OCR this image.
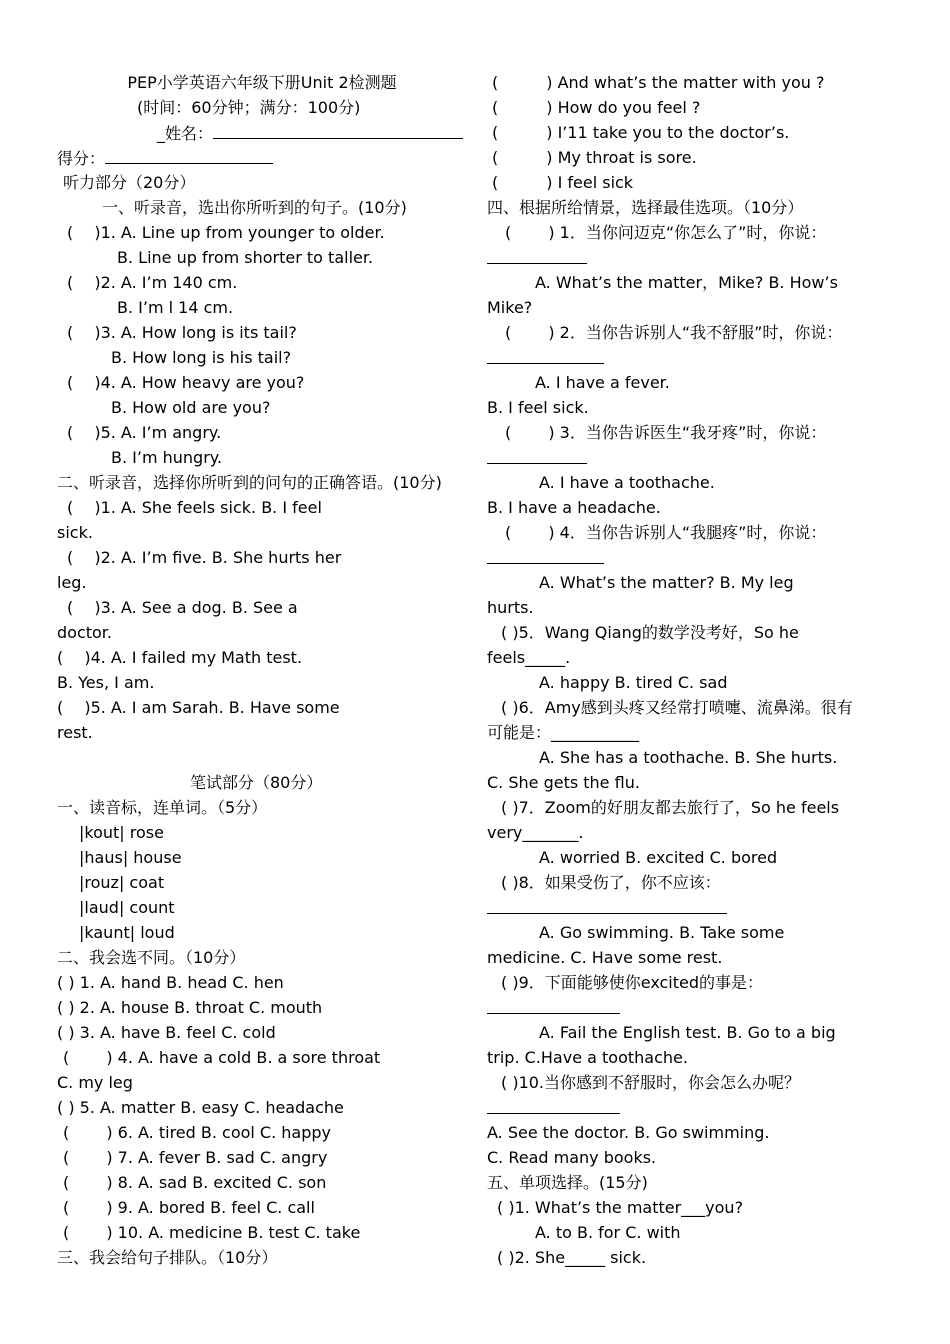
PEP小学英语六年级下册Unit 2检测题
(时间：60分钟；满分：100分)
_姓名：
得分：
听力部分（20分）
一、听录音，选出你所听到的句子。(10分)
(　 )1. A. Line up from younger to older.
B. Line up from shorter to taller.
(　 )2. A. I’m 140 cm.
B. I’m l 14 cm.
(　 )3. A. How long is its tail?
B. How long is his tail?
(　 )4. A. How heavy are you?
B. How old are you?
(　 )5. A. I’m angry.
B. I’m hungry.
二、听录音，选择你所听到的问句的正确答语。(10分)
(　 )1. A. She feels sick. B. I feel
sick.
(　 )2. A. I’m five. B. She hurts her
leg.
(　 )3. A. See a dog. B. See a
doctor.
(　 )4. A. I failed my Math test.
B. Yes, I am.
(　 )5. A. I am Sarah. B. Have some
rest.
笔试部分（80分）
一、读音标，连单词。（5分）
|kout| rose
|haus| house
|rouz| coat
|laud| count
|kaunt| loud
二、我会选不同。（10分）
( ) 1. A. hand B. head C. hen
( ) 2. A. house B. throat C. mouth
( ) 3. A. have B. feel C. cold
(　　 ) 4. A. have a cold B. a sore throat
C. my leg
( ) 5. A. matter B. easy C. headache
(　　 ) 6. A. tired B. cool C. happy
(　　 ) 7. A. fever B. sad C. angry
(　　 ) 8. A. sad B. excited C. son
(　　 ) 9. A. bored B. feel C. call
(　　 ) 10. A. medicine B. test C. take
三、我会给句子排队。（10分）
(　　　) And what’s the matter with you ?
(　　　) How do you feel ?
(　　　) I’11 take you to the doctor’s.
(　　　) My throat is sore.
(　　　) I feel sick
四、根据所给情景，选择最佳选项。（10分）
(　　 ) 1．当你问迈克“你怎么了”时，你说：
A. What’s the matter，Mike? B. How’s
Mike?
(　　 ) 2．当你告诉别人“我不舒服”时，你说：
A. I have a fever.
B. I feel sick.
(　　 ) 3．当你告诉医生“我牙疼”时，你说：
A. I have a toothache.
B. I have a headache.
(　　 ) 4．当你告诉别人“我腿疼”时，你说：
A. What’s the matter? B. My leg
hurts.
( )5．Wang Qiang的数学没考好，So he
feels_____.
A. happy B. tired C. sad
( )6．Amy感到头疼又经常打喷嚏、流鼻涕。很有
可能是：___________
A. She has a toothache. B. She hurts.
C. She gets the flu.
( )7．Zoom的好朋友都去旅行了，So he feels
very_______.
A. worried B. excited C. bored
( )8．如果受伤了，你不应该：
A. Go swimming. B. Take some
medicine. C. Have some rest.
( )9．下面能够使你excited的事是：
A. Fail the English test. B. Go to a big
trip. C.Have a toothache.
( )10.当你感到不舒服时，你会怎么办呢？
A. See the doctor. B. Go swimming.
C. Read many books.
五、单项选择。(15分)
( )1. What’s the matter___you?
A. to B. for C. with
( )2. She_____ sick.
